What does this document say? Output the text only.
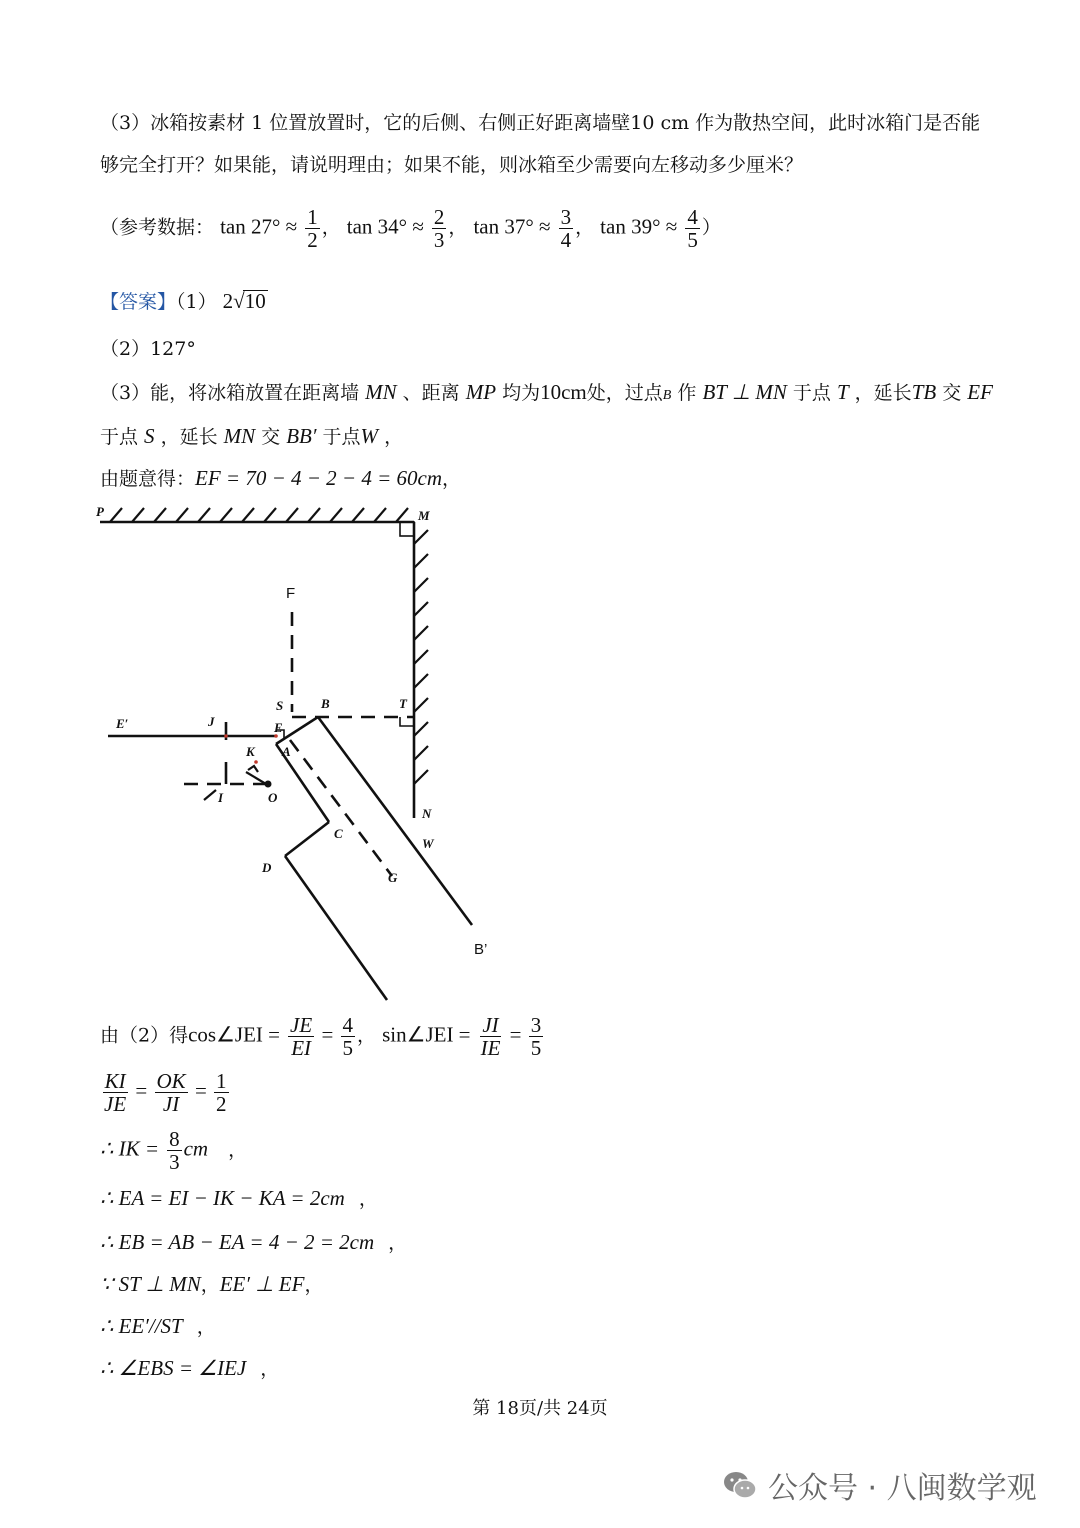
（3）冰箱按素材 1 位置放置时，它的后侧、右侧正好距离墙壁10 cm 作为散热空间，此时冰箱门是否能
够完全打开？如果能，请说明理由；如果不能，则冰箱至少需要向左移动多少厘米？
（参考数据： $\tan 27^\circ \approx \frac{1}{2}$ ， $\tan 34^\circ \approx \frac{2}{3}$ ， $\tan 37^\circ \approx \frac{3}{4}$ ， $\tan 39^\circ \approx \frac{4}{5}$ ）
【答案】（1） 2√10
（2）127°
（3）能，将冰箱放置在距离墙 MN 、距离 MP 均为10cm处，过点B 作 BT ⊥ MN 于点 T ，延长TB 交 EF
于点 S ，延长 MN 交 BB′ 于点W ，
由题意得：EF = 70 − 4 − 2 − 4 = 60cm，
P	M
F
S	B	T
E′	J	E
K A
I	O
N
C
W
D
G
B’
由（2）得cos∠JEI = $\frac{JE}{EI} = \frac{4}{5}$ ， sin∠JEI = $\frac{JI}{IE} = \frac{3}{5}$
$\frac{KI}{JE} = \frac{OK}{JI} = \frac{1}{2}$
∴ IK = $\frac{8}{3}$ cm ，
∴ EA = EI − IK − KA = 2cm ，
∴ EB = AB − EA = 4 − 2 = 2cm ，
∵ ST ⊥ MN，EE′ ⊥ EF，
∴ EE′//ST ，
∴ ∠EBS = ∠IEJ ，
第 18页/共 24页
公众号 · 八闽数学观
